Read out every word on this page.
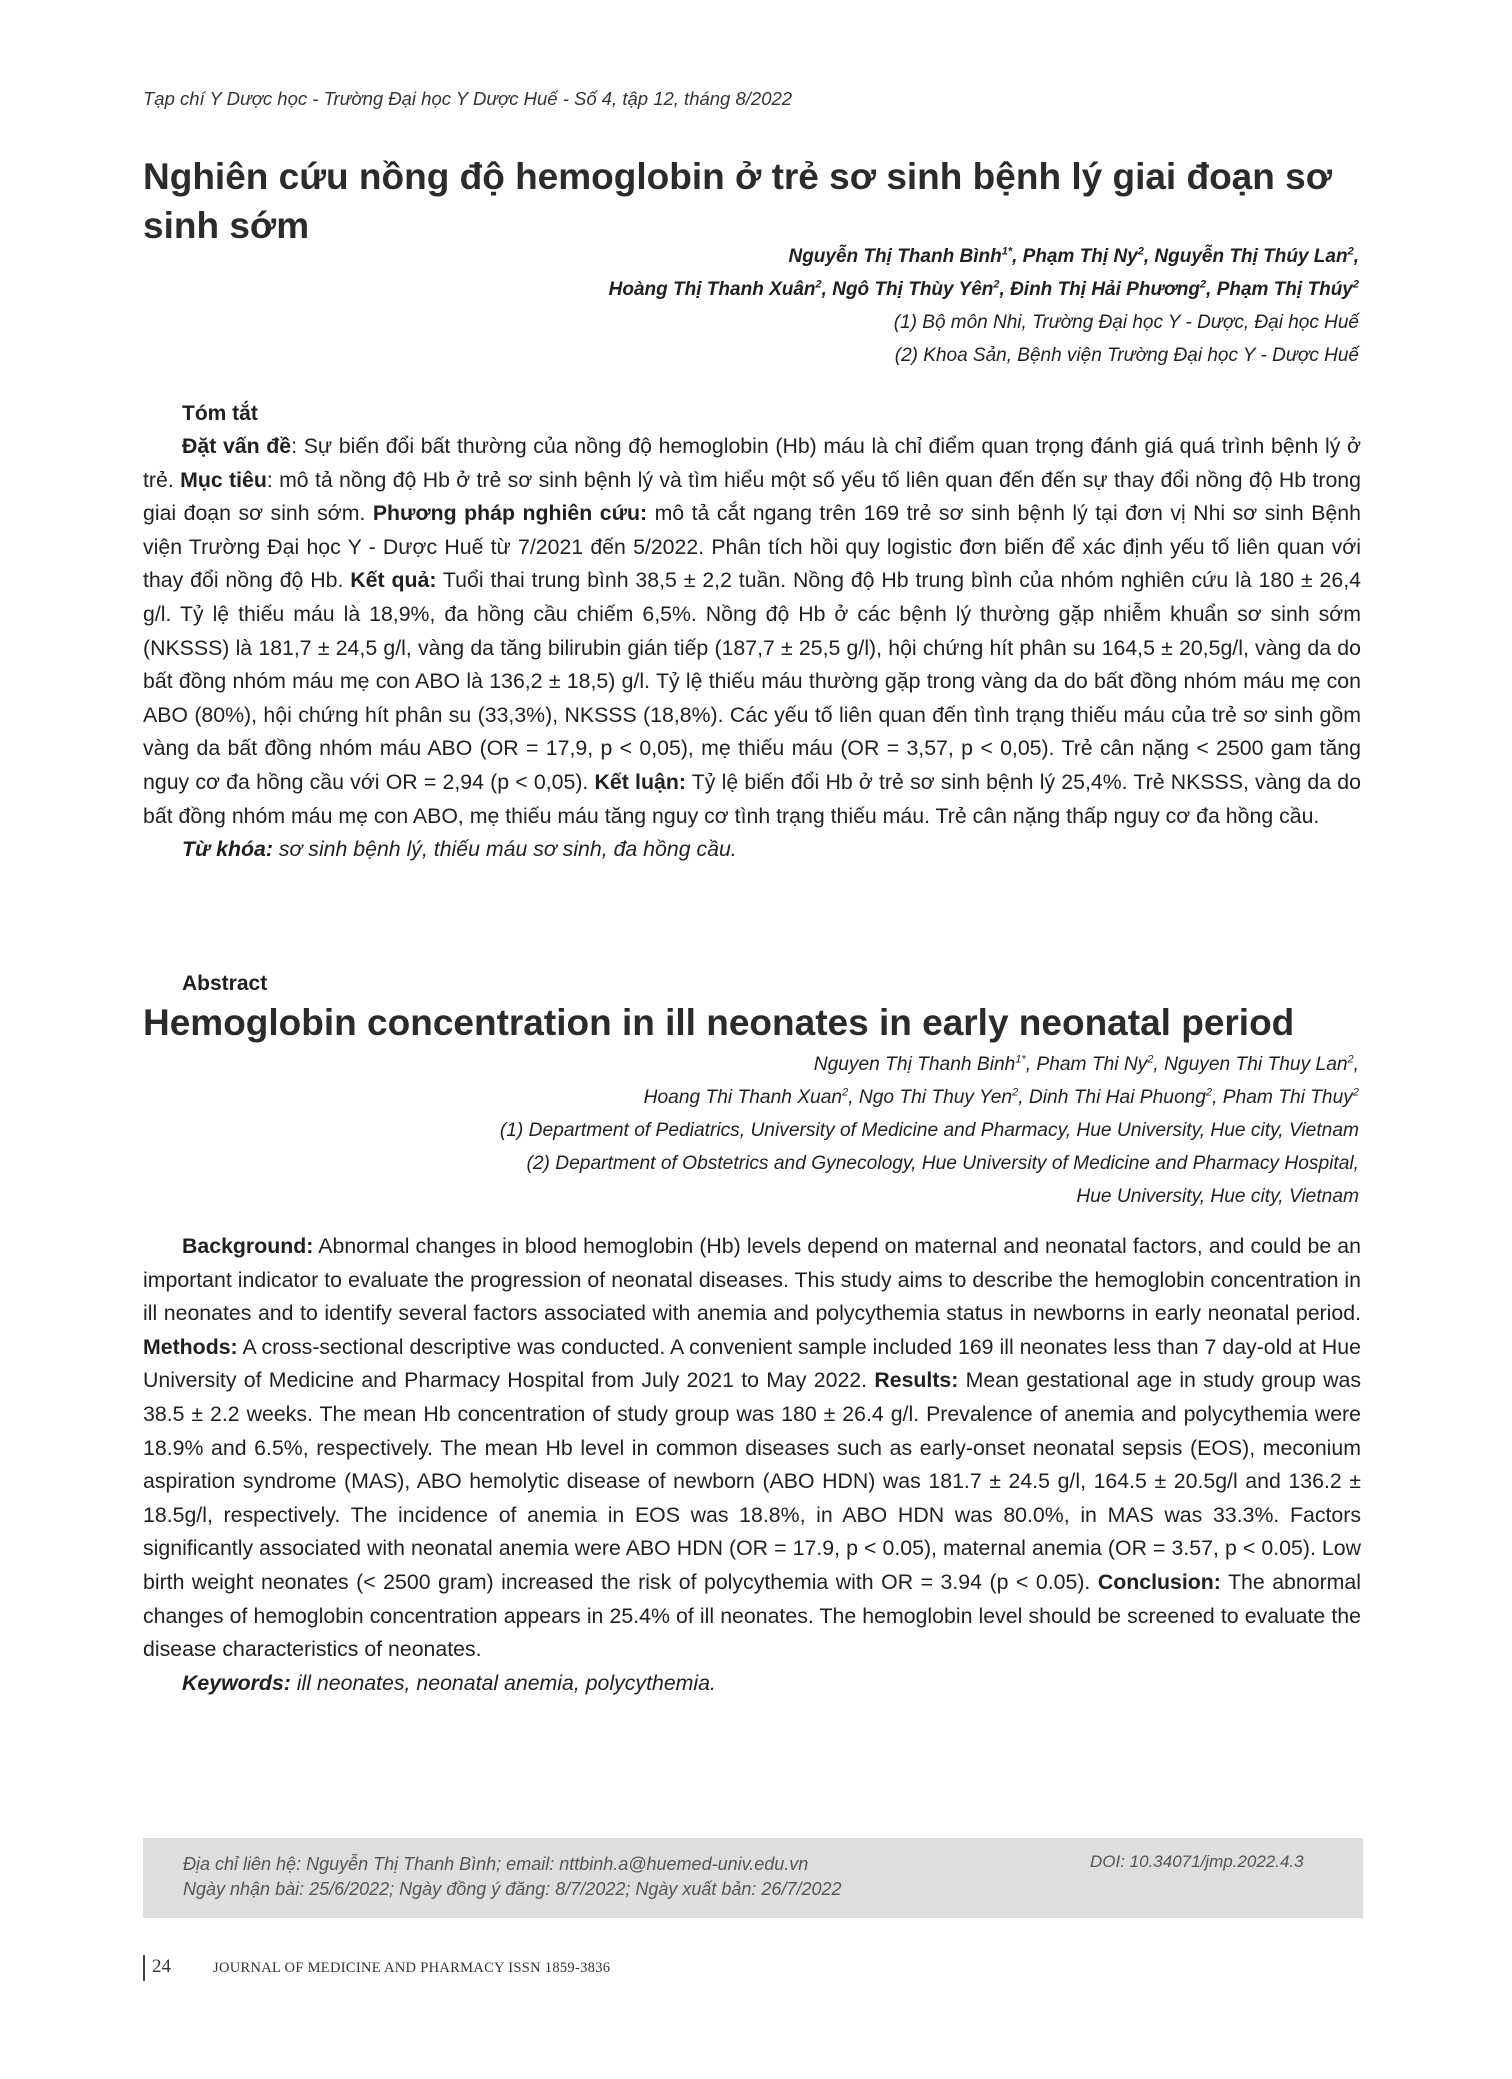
Tạp chí Y Dược học - Trường Đại học Y Dược Huế - Số 4, tập 12, tháng 8/2022
Nghiên cứu nồng độ hemoglobin ở trẻ sơ sinh bệnh lý giai đoạn sơ sinh sớm
Nguyễn Thị Thanh Bình$^{1*}$, Phạm Thị Ny$^2$, Nguyễn Thị Thúy Lan$^2$,
Hoàng Thị Thanh Xuân$^2$, Ngô Thị Thùy Yên$^2$, Đinh Thị Hải Phương$^2$, Phạm Thị Thúy$^2$
(1) Bộ môn Nhi, Trường Đại học Y - Dược, Đại học Huế
(2) Khoa Sản, Bệnh viện Trường Đại học Y - Dược Huế
Tóm tắt

Đặt vấn đề: Sự biến đổi bất thường của nồng độ hemoglobin (Hb) máu là chỉ điểm quan trọng đánh giá quá trình bệnh lý ở trẻ. Mục tiêu: mô tả nồng độ Hb ở trẻ sơ sinh bệnh lý và tìm hiểu một số yếu tố liên quan đến đến sự thay đổi nồng độ Hb trong giai đoạn sơ sinh sớm. Phương pháp nghiên cứu: mô tả cắt ngang trên 169 trẻ sơ sinh bệnh lý tại đơn vị Nhi sơ sinh Bệnh viện Trường Đại học Y - Dược Huế từ 7/2021 đến 5/2022. Phân tích hồi quy logistic đơn biến để xác định yếu tố liên quan với thay đổi nồng độ Hb. Kết quả: Tuổi thai trung bình 38,5 ± 2,2 tuần. Nồng độ Hb trung bình của nhóm nghiên cứu là 180 ± 26,4 g/l. Tỷ lệ thiếu máu là 18,9%, đa hồng cầu chiếm 6,5%. Nồng độ Hb ở các bệnh lý thường gặp nhiễm khuẩn sơ sinh sớm (NKSSS) là 181,7 ± 24,5 g/l, vàng da tăng bilirubin gián tiếp (187,7 ± 25,5 g/l), hội chứng hít phân su 164,5 ± 20,5g/l, vàng da do bất đồng nhóm máu mẹ con ABO là 136,2 ± 18,5) g/l. Tỷ lệ thiếu máu thường gặp trong vàng da do bất đồng nhóm máu mẹ con ABO (80%), hội chứng hít phân su (33,3%), NKSSS (18,8%). Các yếu tố liên quan đến tình trạng thiếu máu của trẻ sơ sinh gồm vàng da bất đồng nhóm máu ABO (OR = 17,9, p < 0,05), mẹ thiếu máu (OR = 3,57, p < 0,05). Trẻ cân nặng < 2500 gam tăng nguy cơ đa hồng cầu với OR = 2,94 (p < 0,05). Kết luận: Tỷ lệ biến đổi Hb ở trẻ sơ sinh bệnh lý 25,4%. Trẻ NKSSS, vàng da do bất đồng nhóm máu mẹ con ABO, mẹ thiếu máu tăng nguy cơ tình trạng thiếu máu. Trẻ cân nặng thấp nguy cơ đa hồng cầu.

Từ khóa: sơ sinh bệnh lý, thiếu máu sơ sinh, đa hồng cầu.

Abstract
Hemoglobin concentration in ill neonates in early neonatal period
Nguyen Thị Thanh Binh$^{1*}$, Pham Thi Ny$^2$, Nguyen Thi Thuy Lan$^2$,
Hoang Thi Thanh Xuan$^2$, Ngo Thi Thuy Yen$^2$, Dinh Thi Hai Phuong$^2$, Pham Thi Thuy$^2$
(1) Department of Pediatrics, University of Medicine and Pharmacy, Hue University, Hue city, Vietnam
(2) Department of Obstetrics and Gynecology, Hue University of Medicine and Pharmacy Hospital,
Hue University, Hue city, Vietnam

Background: Abnormal changes in blood hemoglobin (Hb) levels depend on maternal and neonatal factors, and could be an important indicator to evaluate the progression of neonatal diseases. This study aims to describe the hemoglobin concentration in ill neonates and to identify several factors associated with anemia and polycythemia status in newborns in early neonatal period. Methods: A cross-sectional descriptive was conducted. A convenient sample included 169 ill neonates less than 7 day-old at Hue University of Medicine and Pharmacy Hospital from July 2021 to May 2022. Results: Mean gestational age in study group was 38.5 ± 2.2 weeks. The mean Hb concentration of study group was 180 ± 26.4 g/l. Prevalence of anemia and polycythemia were 18.9% and 6.5%, respectively. The mean Hb level in common diseases such as early-onset neonatal sepsis (EOS), meconium aspiration syndrome (MAS), ABO hemolytic disease of newborn (ABO HDN) was 181.7 ± 24.5 g/l, 164.5 ± 20.5g/l and 136.2 ± 18.5g/l, respectively. The incidence of anemia in EOS was 18.8%, in ABO HDN was 80.0%, in MAS was 33.3%. Factors significantly associated with neonatal anemia were ABO HDN (OR = 17.9, p < 0.05), maternal anemia (OR = 3.57, p < 0.05). Low birth weight neonates (< 2500 gram) increased the risk of polycythemia with OR = 3.94 (p < 0.05). Conclusion: The abnormal changes of hemoglobin concentration appears in 25.4% of ill neonates. The hemoglobin level should be screened to evaluate the disease characteristics of neonates.

Keywords: ill neonates, neonatal anemia, polycythemia.

Địa chỉ liên hệ: Nguyễn Thị Thanh Bình; email: nttbinh.a@huemed-univ.edu.vn
Ngày nhận bài: 25/6/2022; Ngày đồng ý đăng: 8/7/2022; Ngày xuất bản: 26/7/2022
DOI: 10.34071/jmp.2022.4.3
24	JOURNAL OF MEDICINE AND PHARMACY ISSN 1859-3836
